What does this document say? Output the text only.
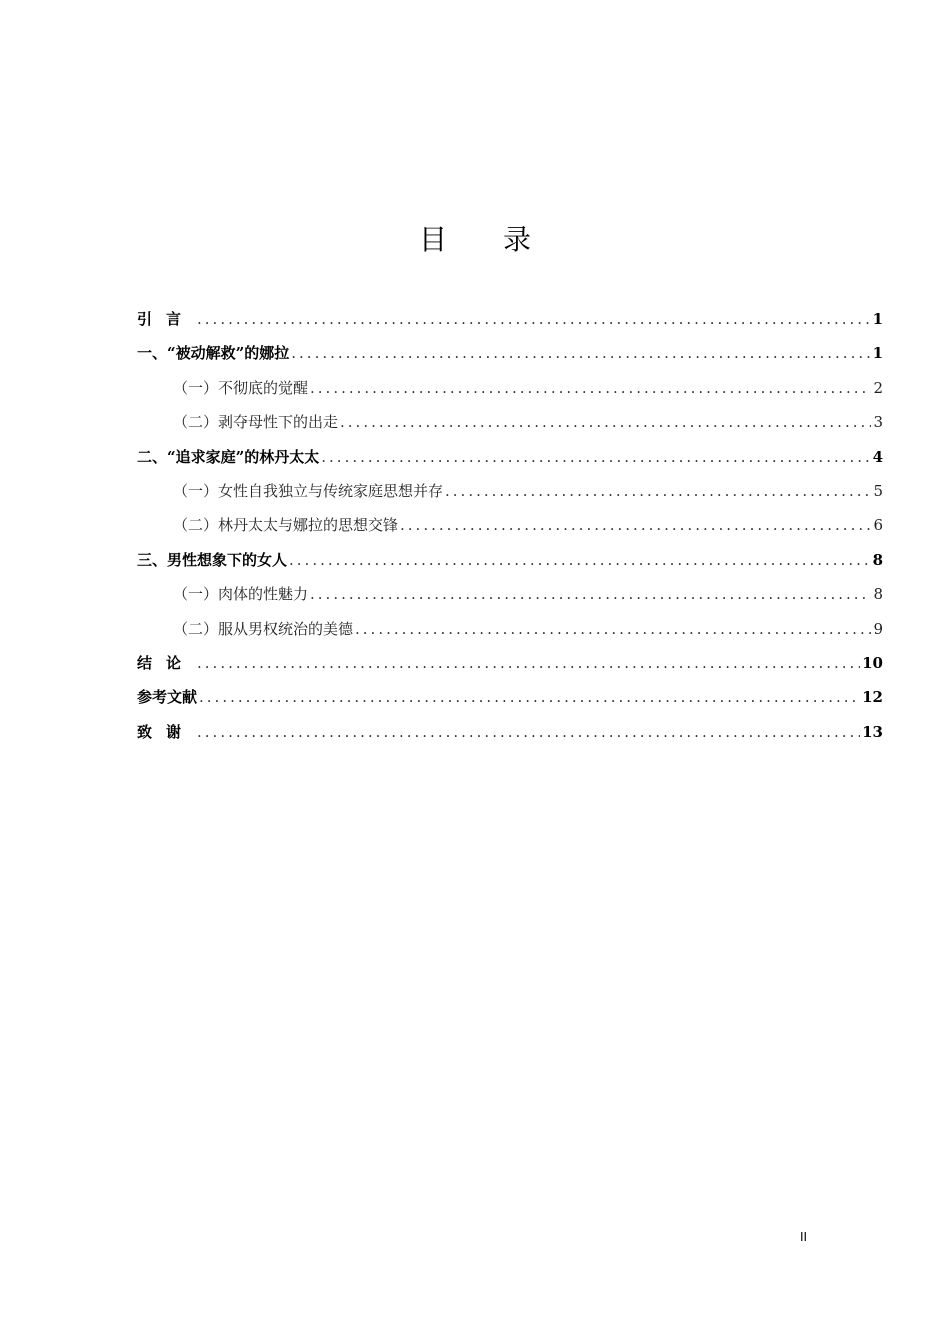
目 录
引言 .....	1
一、“被动解救”的娜拉 .....	1
（一）不彻底的觉醒 .....	2
（二）剥夺母性下的出走 .....	3
二、“追求家庭”的林丹太太 .....	4
（一）女性自我独立与传统家庭思想并存 .....	5
（二）林丹太太与娜拉的思想交锋 .....	6
三、男性想象下的女人 .....	8
（一）肉体的性魅力 .....	8
（二）服从男权统治的美德 .....	9
结论 .....	10
参考文献 .....	12
致谢 .....	13
II
